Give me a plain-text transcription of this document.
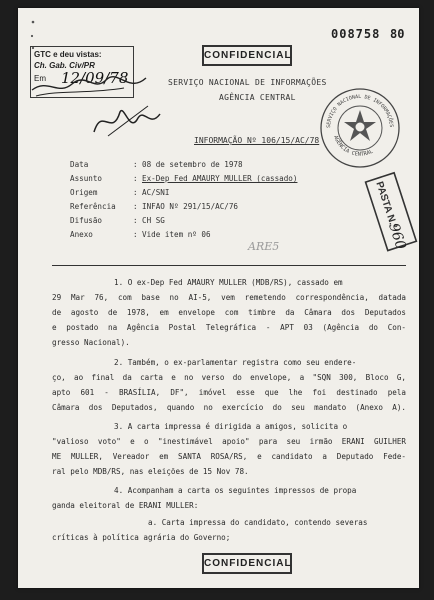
008758 80
CONFIDENCIAL
GTC e deu vistas:
Ch. Gab. Civ/PR
Em 12/09/78	SERVIÇO NACIONAL DE INFORMAÇÕES
AGÊNCIA CENTRAL
SERVIÇO NACIONAL DE INFORMAÇÕES
AGÊNCIA CENTRAL
INFORMAÇÃO Nº 106/15/AC/78
PASTA N.º
960
Data	: 08 de setembro de 1978
Assunto	: Ex-Dep Fed AMAURY MULLER (cassado)
Origem	: AC/SNI
Referência : INFAO Nº 291/15/AC/76
Difusão	: CH SG
Anexo	: Vide item nº 06
ARE5
1. O ex-Dep Fed AMAURY MULLER (MDB/RS), cassado em
29 Mar 76, com base no AI-5, vem remetendo correspondência, datada
de agosto de 1978, em envelope com timbre da Câmara dos Deputados
e postado na Agência Postal Telegráfica - APT 03 (Agência do Con-
gresso Nacional).
2. Também, o ex-parlamentar registra como seu endere-
ço, ao final da carta e no verso do envelope, a "SQN 300, Bloco G,
apto 601 - BRASÍLIA, DF", imóvel esse que lhe foi destinado pela
Câmara dos Deputados, quando no exercício do seu mandato (Anexo A).
3. A carta impressa é dirigida a amigos, solicita o
"valioso voto" e o "inestimável apoio" para seu irmão ERANI GUILHER
ME MULLER, Vereador em SANTA ROSA/RS, e candidato a Deputado Fede-
ral pelo MDB/RS, nas eleições de 15 Nov 78.
4. Acompanham a carta os seguintes impressos de propa
ganda eleitoral de ERANI MULLER:
a. Carta impressa do candidato, contendo severas
críticas à política agrária do Governo;
CONFIDENCIAL
